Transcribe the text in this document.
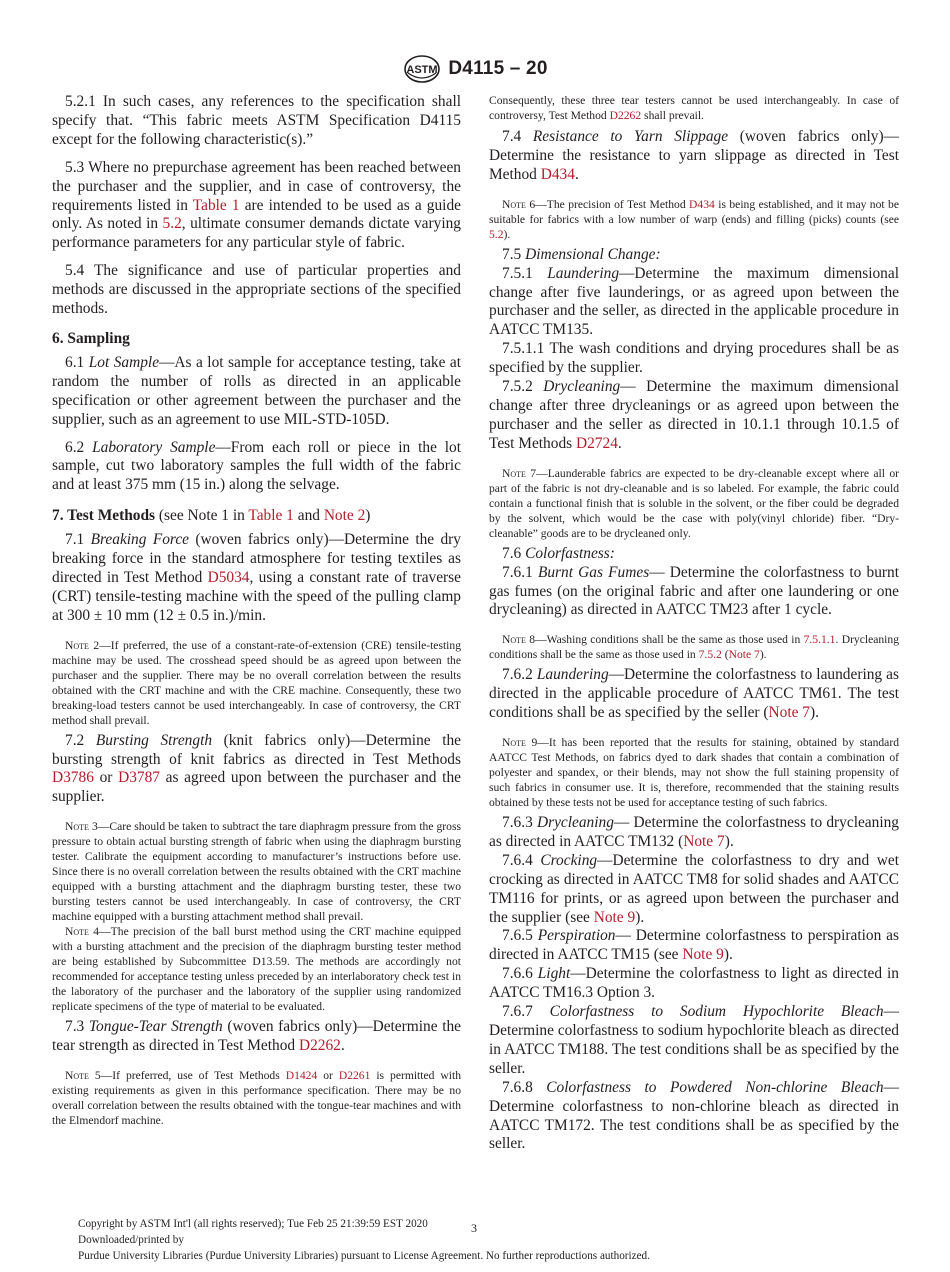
ASTM D4115 – 20

5.2.1 In such cases, any references to the specification shall specify that. “This fabric meets ASTM Specification D4115 except for the following characteristic(s).”

5.3 Where no prepurchase agreement has been reached between the purchaser and the supplier, and in case of controversy, the requirements listed in Table 1 are intended to be used as a guide only. As noted in 5.2, ultimate consumer demands dictate varying performance parameters for any particular style of fabric.

5.4 The significance and use of particular properties and methods are discussed in the appropriate sections of the specified methods.

6. Sampling

6.1 Lot Sample—As a lot sample for acceptance testing, take at random the number of rolls as directed in an applicable specification or other agreement between the purchaser and the supplier, such as an agreement to use MIL-STD-105D.

6.2 Laboratory Sample—From each roll or piece in the lot sample, cut two laboratory samples the full width of the fabric and at least 375 mm (15 in.) along the selvage.

7. Test Methods (see Note 1 in Table 1 and Note 2)

7.1 Breaking Force (woven fabrics only)—Determine the dry breaking force in the standard atmosphere for testing textiles as directed in Test Method D5034, using a constant rate of traverse (CRT) tensile-testing machine with the speed of the pulling clamp at 300 ± 10 mm (12 ± 0.5 in.)/min.

Note 2—If preferred, the use of a constant-rate-of-extension (CRE) tensile-testing machine may be used. The crosshead speed should be as agreed upon between the purchaser and the supplier. There may be no overall correlation between the results obtained with the CRT machine and with the CRE machine. Consequently, these two breaking-load testers cannot be used interchangeably. In case of controversy, the CRT method shall prevail.

7.2 Bursting Strength (knit fabrics only)—Determine the bursting strength of knit fabrics as directed in Test Methods D3786 or D3787 as agreed upon between the purchaser and the supplier.

Note 3—Care should be taken to subtract the tare diaphragm pressure from the gross pressure to obtain actual bursting strength of fabric when using the diaphragm bursting tester. Calibrate the equipment according to manufacturer’s instructions before use. Since there is no overall correlation between the results obtained with the CRT machine equipped with a bursting attachment and the diaphragm bursting tester, these two bursting testers cannot be used interchangeably. In case of controversy, the CRT machine equipped with a bursting attachment method shall prevail.

Note 4—The precision of the ball burst method using the CRT machine equipped with a bursting attachment and the precision of the diaphragm bursting tester method are being established by Subcommittee D13.59. The methods are accordingly not recommended for acceptance testing unless preceded by an interlaboratory check test in the laboratory of the purchaser and the laboratory of the supplier using randomized replicate specimens of the type of material to be evaluated.

7.3 Tongue-Tear Strength (woven fabrics only)—Determine the tear strength as directed in Test Method D2262.

Note 5—If preferred, use of Test Methods D1424 or D2261 is permitted with existing requirements as given in this performance specification. There may be no overall correlation between the results obtained with the tongue-tear machines and with the Elmendorf machine.

Consequently, these three tear testers cannot be used interchangeably. In case of controversy, Test Method D2262 shall prevail.

7.4 Resistance to Yarn Slippage (woven fabrics only)—Determine the resistance to yarn slippage as directed in Test Method D434.

Note 6—The precision of Test Method D434 is being established, and it may not be suitable for fabrics with a low number of warp (ends) and filling (picks) counts (see 5.2).

7.5 Dimensional Change:

7.5.1 Laundering—Determine the maximum dimensional change after five launderings, or as agreed upon between the purchaser and the seller, as directed in the applicable procedure in AATCC TM135.

7.5.1.1 The wash conditions and drying procedures shall be as specified by the supplier.

7.5.2 Drycleaning— Determine the maximum dimensional change after three drycleanings or as agreed upon between the purchaser and the seller as directed in 10.1.1 through 10.1.5 of Test Methods D2724.

Note 7—Launderable fabrics are expected to be dry-cleanable except where all or part of the fabric is not dry-cleanable and is so labeled. For example, the fabric could contain a functional finish that is soluble in the solvent, or the fiber could be degraded by the solvent, which would be the case with poly(vinyl chloride) fiber. “Dry-cleanable” goods are to be drycleaned only.

7.6 Colorfastness:

7.6.1 Burnt Gas Fumes— Determine the colorfastness to burnt gas fumes (on the original fabric and after one laundering or one drycleaning) as directed in AATCC TM23 after 1 cycle.

Note 8—Washing conditions shall be the same as those used in 7.5.1.1. Drycleaning conditions shall be the same as those used in 7.5.2 (Note 7).

7.6.2 Laundering—Determine the colorfastness to laundering as directed in the applicable procedure of AATCC TM61. The test conditions shall be as specified by the seller (Note 7).

Note 9—It has been reported that the results for staining, obtained by standard AATCC Test Methods, on fabrics dyed to dark shades that contain a combination of polyester and spandex, or their blends, may not show the full staining propensity of such fabrics in consumer use. It is, therefore, recommended that the staining results obtained by these tests not be used for acceptance testing of such fabrics.

7.6.3 Drycleaning— Determine the colorfastness to drycleaning as directed in AATCC TM132 (Note 7).

7.6.4 Crocking—Determine the colorfastness to dry and wet crocking as directed in AATCC TM8 for solid shades and AATCC TM116 for prints, or as agreed upon between the purchaser and the supplier (see Note 9).

7.6.5 Perspiration— Determine colorfastness to perspiration as directed in AATCC TM15 (see Note 9).

7.6.6 Light—Determine the colorfastness to light as directed in AATCC TM16.3 Option 3.

7.6.7 Colorfastness to Sodium Hypochlorite Bleach—Determine colorfastness to sodium hypochlorite bleach as directed in AATCC TM188. The test conditions shall be as specified by the seller.

7.6.8 Colorfastness to Powdered Non-chlorine Bleach—Determine colorfastness to non-chlorine bleach as directed in AATCC TM172. The test conditions shall be as specified by the seller.

Copyright by ASTM Int'l (all rights reserved); Tue Feb 25 21:39:59 EST 2020
Downloaded/printed by
Purdue University Libraries (Purdue University Libraries) pursuant to License Agreement. No further reproductions authorized.
3
